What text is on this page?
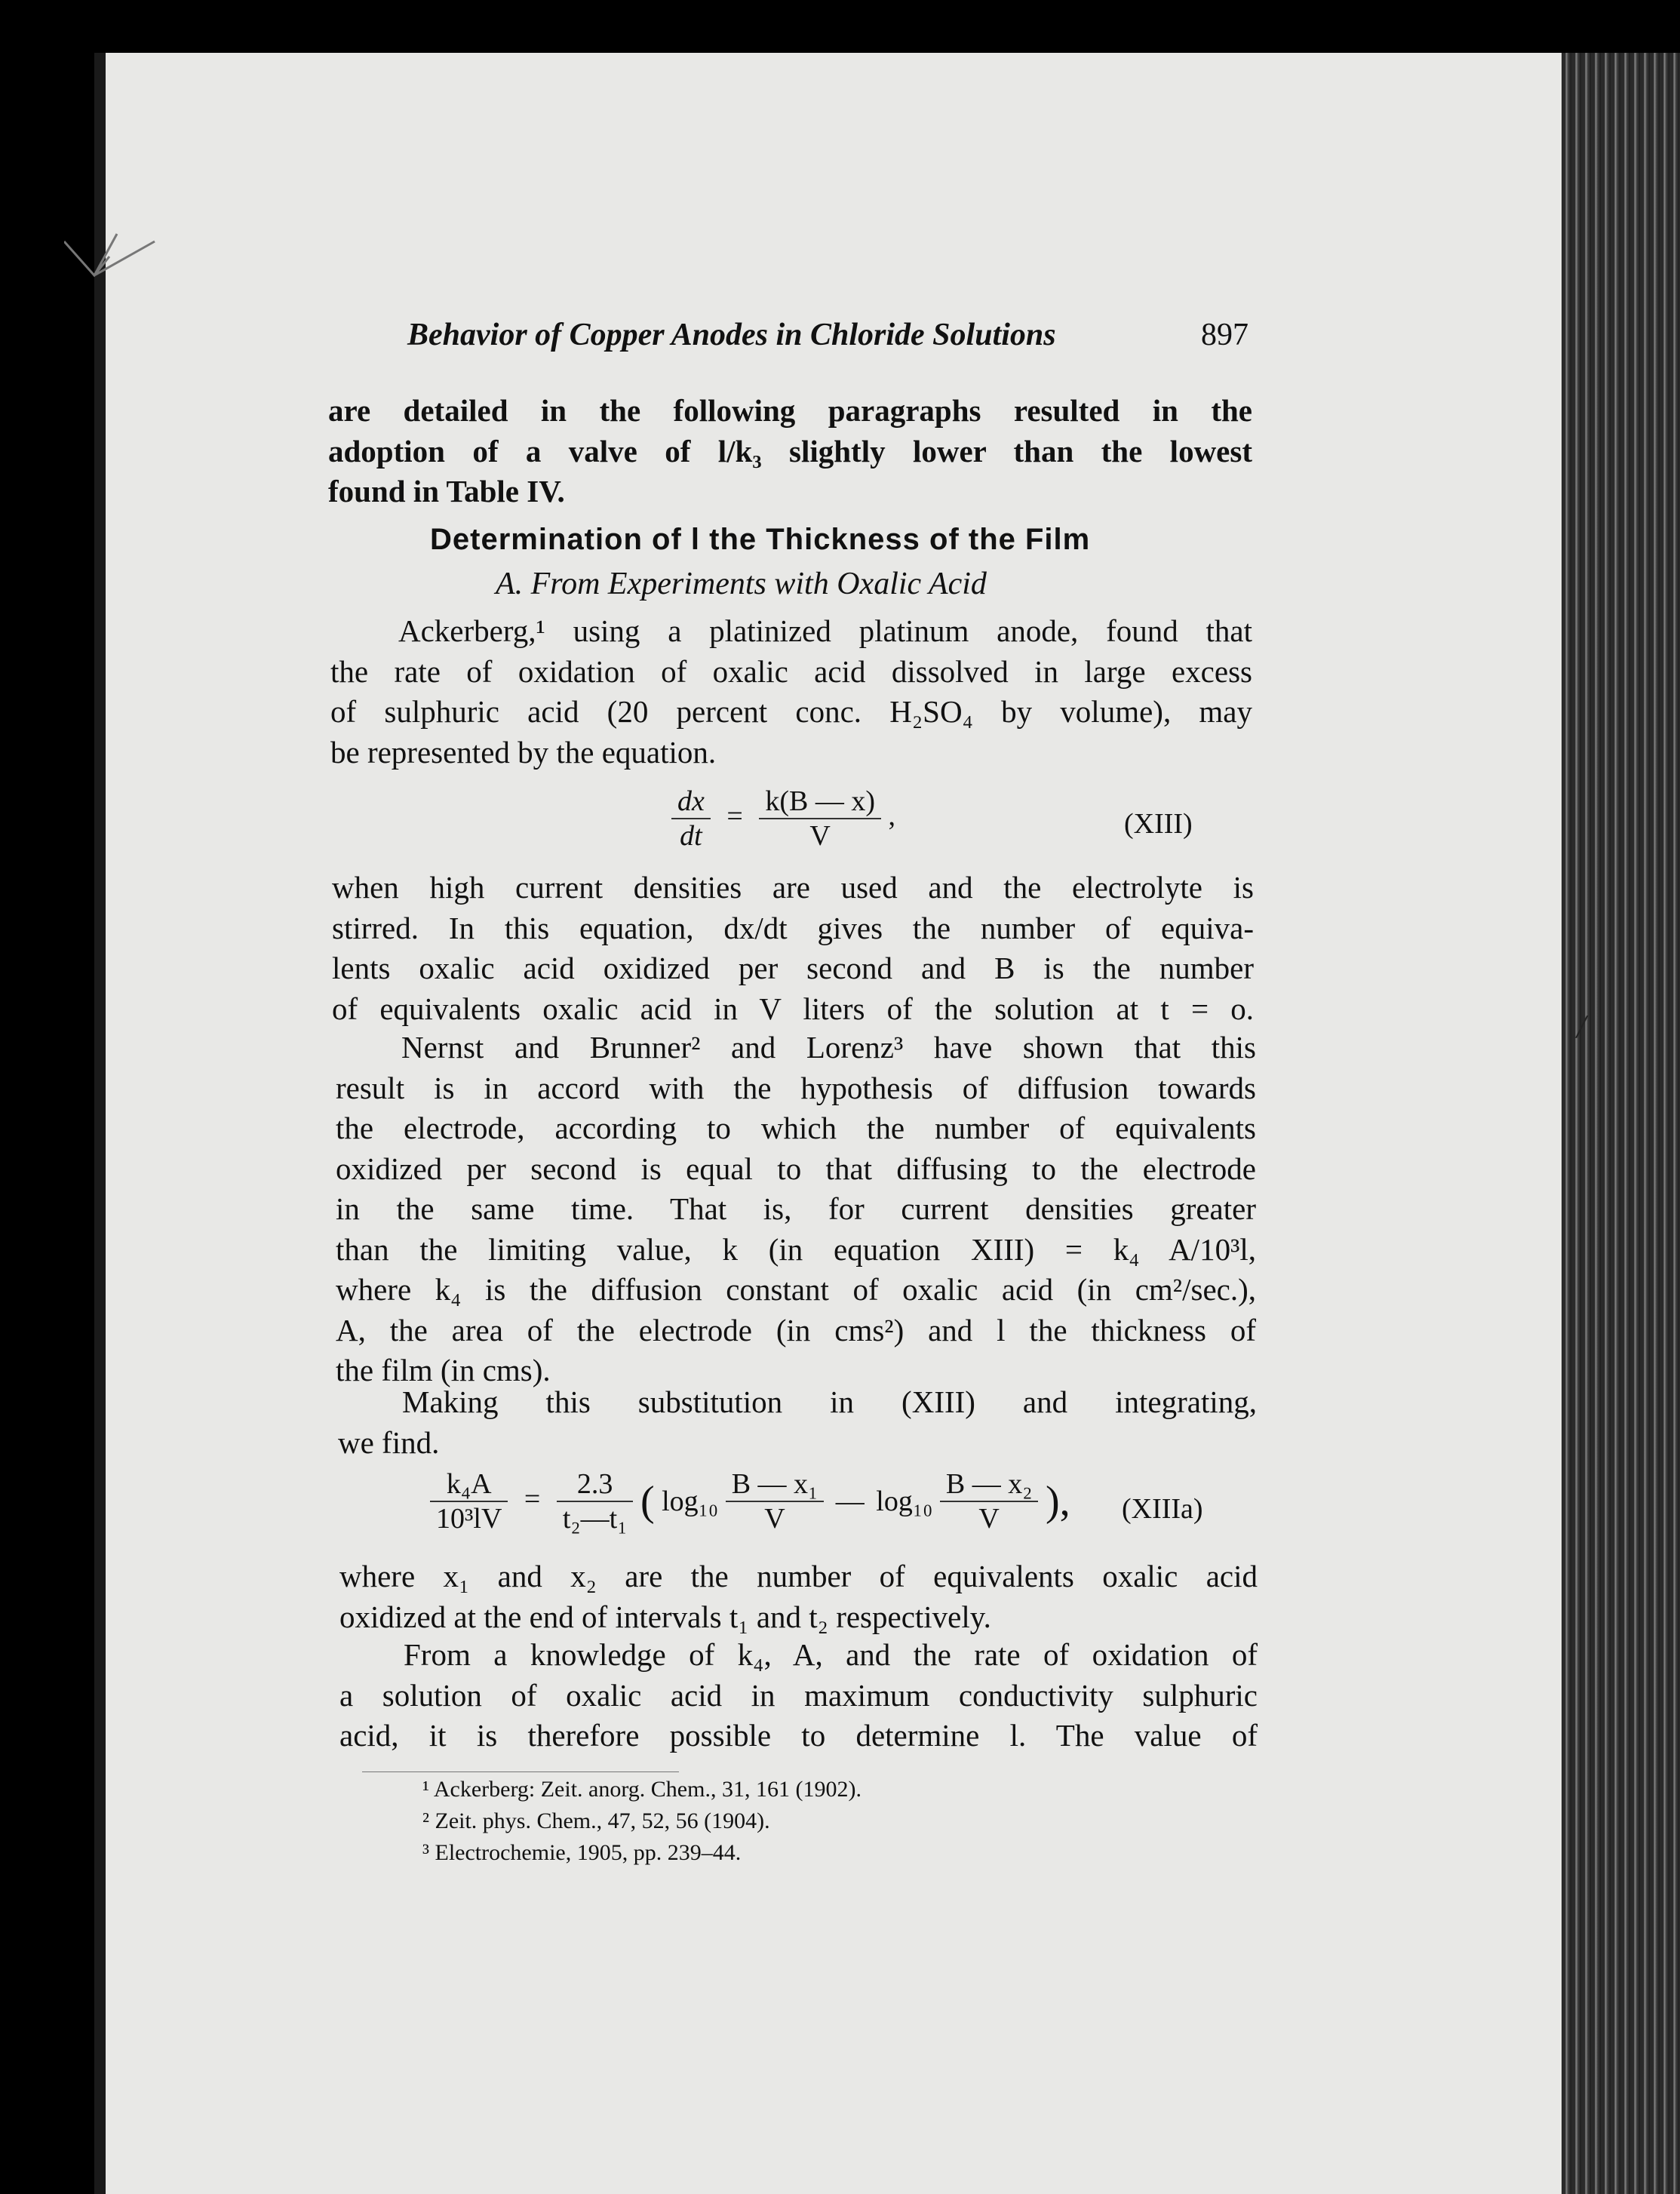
Behavior of Copper Anodes in Chloride Solutions	897
are detailed in the following paragraphs resulted in the
adoption of a valve of l/k₃ slightly lower than the lowest
found in Table IV.
Determination of l the Thickness of the Film
A. From Experiments with Oxalic Acid
Ackerberg,¹ using a platinized platinum anode, found that
the rate of oxidation of oxalic acid dissolved in large excess
of sulphuric acid (20 percent conc. H₂SO₄ by volume), may
be represented by the equation.
$\frac{dx}{dt} = \frac{k(B — x)}{V}$ ,	(XIII)
when high current densities are used and the electrolyte is
stirred. In this equation, dx/dt gives the number of equiva-
lents oxalic acid oxidized per second and B is the number
of equivalents oxalic acid in V liters of the solution at t = o.
Nernst and Brunner² and Lorenz³ have shown that this
result is in accord with the hypothesis of diffusion towards
the electrode, according to which the number of equivalents
oxidized per second is equal to that diffusing to the electrode
in the same time. That is, for current densities greater
than the limiting value, k (in equation XIII) = k₄ A/10³l,
where k₄ is the diffusion constant of oxalic acid (in cm²/sec.),
A, the area of the electrode (in cms²) and l the thickness of
the film (in cms).
Making this substitution in (XIII) and integrating,
we find.
$\frac{\text{k₄A}}{\text{10³lV}} = \frac{2.3}{\text{t₂—t₁}}$ ( $\log_{10} \frac{\text{B — x₁}}{V}$ — $\log_{10} \frac{\text{B — x₂}}{V}$ ), (XIIIa)
where x₁ and x₂ are the number of equivalents oxalic acid
oxidized at the end of intervals t₁ and t₂ respectively.
From a knowledge of k₄, A, and the rate of oxidation of
a solution of oxalic acid in maximum conductivity sulphuric
acid, it is therefore possible to determine l. The value of
¹ Ackerberg: Zeit. anorg. Chem., 31, 161 (1902).
² Zeit. phys. Chem., 47, 52, 56 (1904).
³ Electrochemie, 1905, pp. 239–44.
/
